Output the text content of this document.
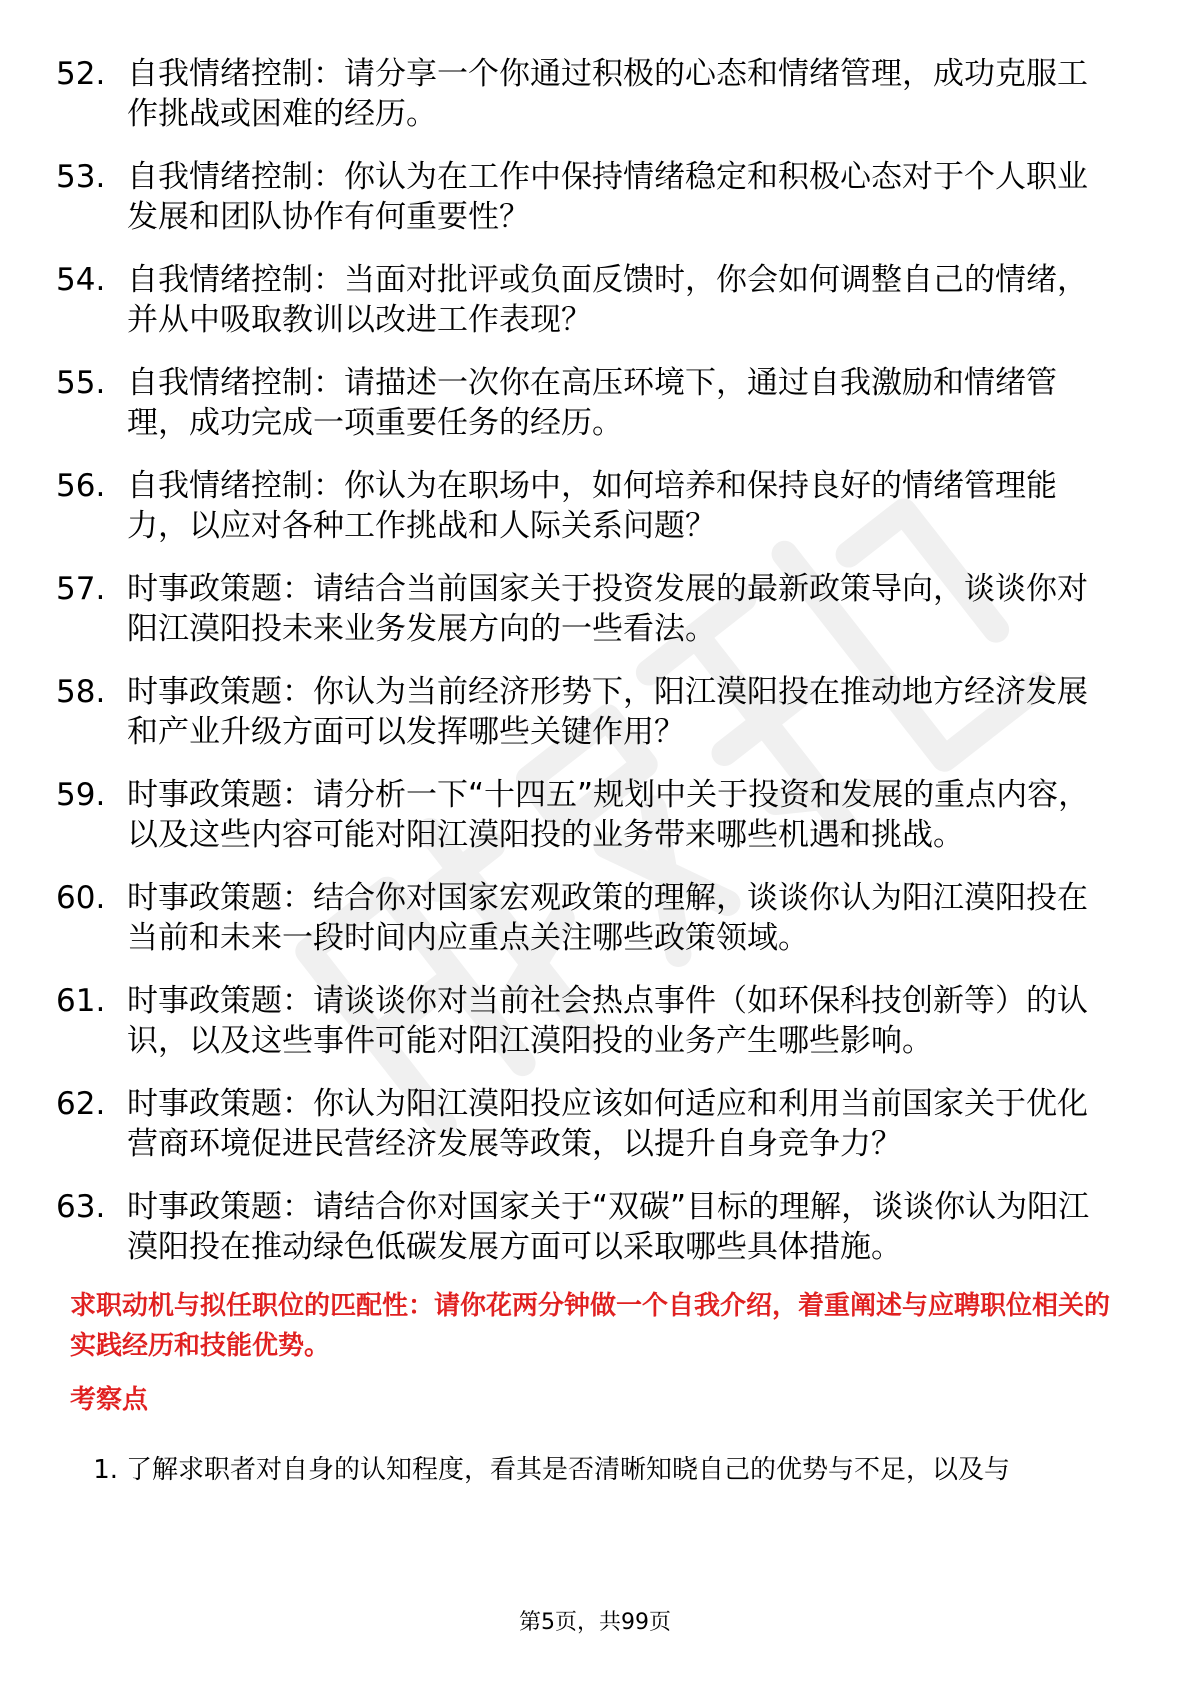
52. 自我情绪控制：请分享一个你通过积极的心态和情绪管理，成功克服工作挑战或困难的经历。
53. 自我情绪控制：你认为在工作中保持情绪稳定和积极心态对于个人职业发展和团队协作有何重要性？
54. 自我情绪控制：当面对批评或负面反馈时，你会如何调整自己的情绪，并从中吸取教训以改进工作表现？
55. 自我情绪控制：请描述一次你在高压环境下，通过自我激励和情绪管理，成功完成一项重要任务的经历。
56. 自我情绪控制：你认为在职场中，如何培养和保持良好的情绪管理能力，以应对各种工作挑战和人际关系问题？
57. 时事政策题：请结合当前国家关于投资发展的最新政策导向，谈谈你对阳江漠阳投未来业务发展方向的一些看法。
58. 时事政策题：你认为当前经济形势下，阳江漠阳投在推动地方经济发展和产业升级方面可以发挥哪些关键作用？
59. 时事政策题：请分析一下“十四五”规划中关于投资和发展的重点内容，以及这些内容可能对阳江漠阳投的业务带来哪些机遇和挑战。
60. 时事政策题：结合你对国家宏观政策的理解，谈谈你认为阳江漠阳投在当前和未来一段时间内应重点关注哪些政策领域。
61. 时事政策题：请谈谈你对当前社会热点事件（如环保科技创新等）的认识，以及这些事件可能对阳江漠阳投的业务产生哪些影响。
62. 时事政策题：你认为阳江漠阳投应该如何适应和利用当前国家关于优化营商环境促进民营经济发展等政策，以提升自身竞争力？
63. 时事政策题：请结合你对国家关于“双碳”目标的理解，谈谈你认为阳江漠阳投在推动绿色低碳发展方面可以采取哪些具体措施。
求职动机与拟任职位的匹配性：请你花两分钟做一个自我介绍，着重阐述与应聘职位相关的实践经历和技能优势。
考察点
1. 了解求职者对自身的认知程度，看其是否清晰知晓自己的优势与不足，以及与
第5页，共99页
